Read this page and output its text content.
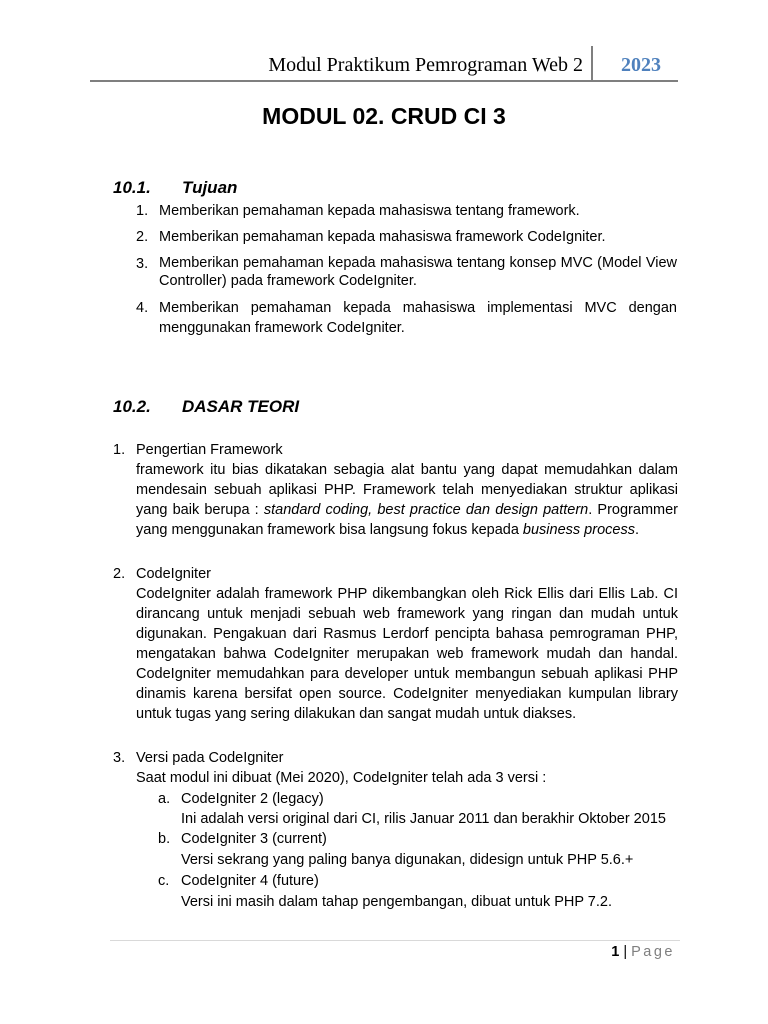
Modul Praktikum Pemrograman Web 2	2023
MODUL 02. CRUD CI 3
10.1. Tujuan
1. Memberikan pemahaman kepada mahasiswa tentang framework.

2. Memberikan pemahaman kepada mahasiswa framework CodeIgniter.

3. Memberikan pemahaman kepada mahasiswa tentang konsep MVC (Model View Controller) pada framework CodeIgniter.

4. Memberikan pemahaman kepada mahasiswa implementasi MVC dengan menggunakan framework CodeIgniter.

10.2. DASAR TEORI
1. Pengertian Framework

framework itu bias dikatakan sebagia alat bantu yang dapat memudahkan dalam mendesain sebuah aplikasi PHP. Framework telah menyediakan struktur aplikasi yang baik berupa : standard coding, best practice dan design pattern. Programmer yang menggunakan framework bisa langsung fokus kepada business process.

2. CodeIgniter

CodeIgniter adalah framework PHP dikembangkan oleh Rick Ellis dari Ellis Lab. CI dirancang untuk menjadi sebuah web framework yang ringan dan mudah untuk digunakan. Pengakuan dari Rasmus Lerdorf pencipta bahasa pemrograman PHP, mengatakan bahwa CodeIgniter merupakan web framework mudah dan handal. CodeIgniter memudahkan para developer untuk membangun sebuah aplikasi PHP dinamis karena bersifat open source. CodeIgniter menyediakan kumpulan library untuk tugas yang sering dilakukan dan sangat mudah untuk diakses.

3. Versi pada CodeIgniter

Saat modul ini dibuat (Mei 2020), CodeIgniter telah ada 3 versi :

a. CodeIgniter 2 (legacy)

Ini adalah versi original dari CI, rilis Januar 2011 dan berakhir Oktober 2015

b. CodeIgniter 3 (current)

Versi sekrang yang paling banya digunakan, didesign untuk PHP 5.6.+

c. CodeIgniter 4 (future)

Versi ini masih dalam tahap pengembangan, dibuat untuk PHP 7.2.

1 | Page
